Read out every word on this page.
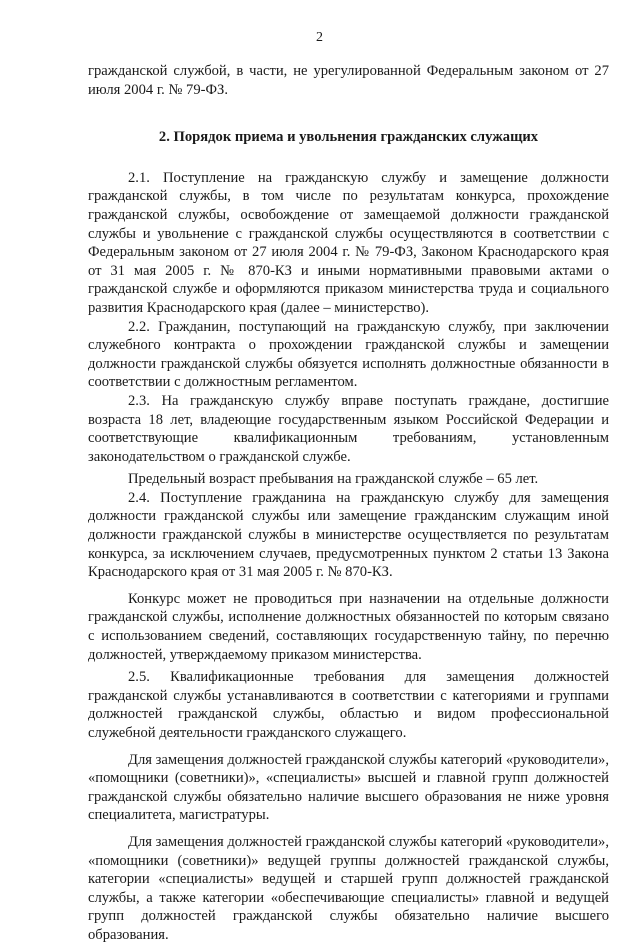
2

гражданской службой, в части, не урегулированной Федеральным законом от 27 июля 2004 г. № 79-ФЗ.

2. Порядок приема и увольнения гражданских служащих

2.1. Поступление на гражданскую службу и замещение должности гражданской службы, в том числе по результатам конкурса, прохождение гражданской службы, освобождение от замещаемой должности гражданской службы и увольнение с гражданской службы осуществляются в соответствии с Федеральным законом от 27 июля 2004 г. № 79-ФЗ, Законом Краснодарского края от 31 мая 2005 г. № 870-КЗ и иными нормативными правовыми актами о гражданской службе и оформляются приказом министерства труда и социального развития Краснодарского края (далее – министерство).

2.2. Гражданин, поступающий на гражданскую службу, при заключении служебного контракта о прохождении гражданской службы и замещении должности гражданской службы обязуется исполнять должностные обязанности в соответствии с должностным регламентом.

2.3. На гражданскую службу вправе поступать граждане, достигшие возраста 18 лет, владеющие государственным языком Российской Федерации и соответствующие квалификационным требованиям, установленным законодательством о гражданской службе.

Предельный возраст пребывания на гражданской службе – 65 лет.

2.4. Поступление гражданина на гражданскую службу для замещения должности гражданской службы или замещение гражданским служащим иной должности гражданской службы в министерстве осуществляется по результатам конкурса, за исключением случаев, предусмотренных пунктом 2 статьи 13 Закона Краснодарского края от 31 мая 2005 г. № 870-КЗ.

Конкурс может не проводиться при назначении на отдельные должности гражданской службы, исполнение должностных обязанностей по которым связано с использованием сведений, составляющих государственную тайну, по перечню должностей, утверждаемому приказом министерства.

2.5. Квалификационные требования для замещения должностей гражданской службы устанавливаются в соответствии с категориями и группами должностей гражданской службы, областью и видом профессиональной служебной деятельности гражданского служащего.

Для замещения должностей гражданской службы категорий «руководители», «помощники (советники)», «специалисты» высшей и главной групп должностей гражданской службы обязательно наличие высшего образования не ниже уровня специалитета, магистратуры.

Для замещения должностей гражданской службы категорий «руководители», «помощники (советники)» ведущей группы должностей гражданской службы, категории «специалисты» ведущей и старшей групп должностей гражданской службы, а также категории «обеспечивающие специалисты» главной и ведущей групп должностей гражданской службы обязательно наличие высшего образования.
